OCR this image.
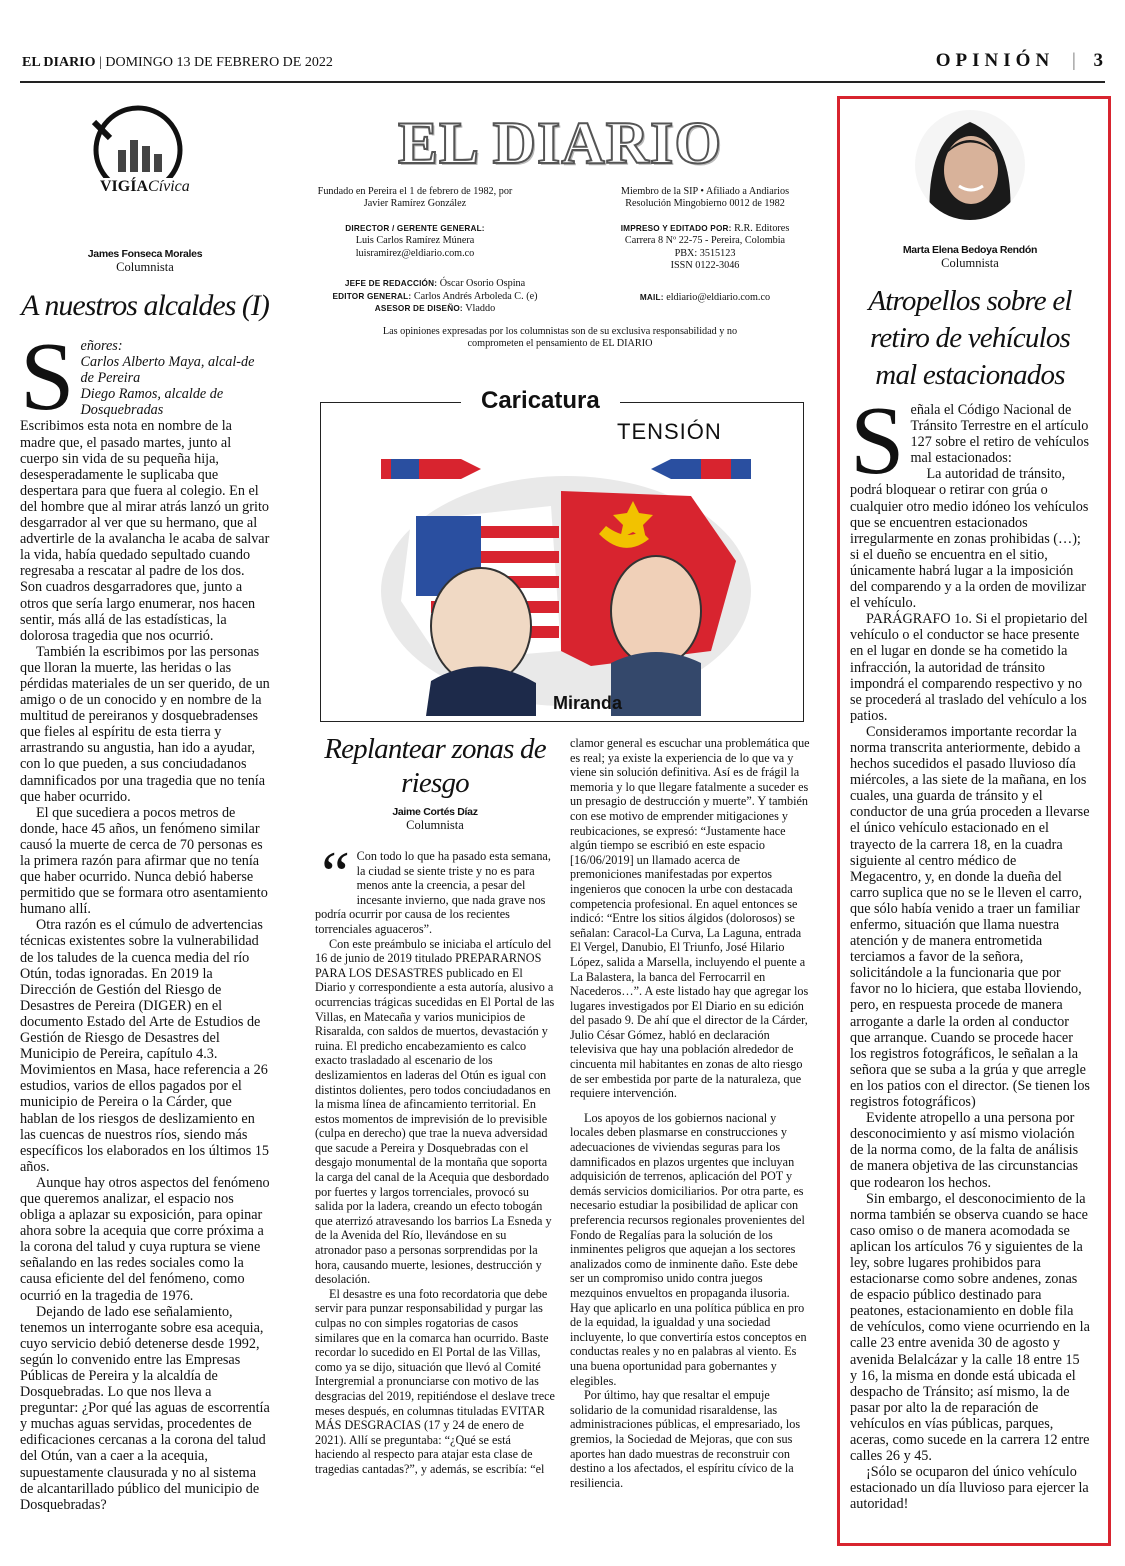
EL DIARIO | DOMINGO 13 DE FEBRERO DE 2022	OPINIÓN | 3
VIGÍACívica
James Fonseca Morales
Columnista
A nuestros alcaldes (I)
S eñores:
Carlos Alberto Maya, alcal-de de Pereira
Diego Ramos, alcalde de Dosquebradas

Escribimos esta nota en nombre de la madre que, el pasado martes, junto al cuerpo sin vida de su pequeña hija, desesperadamente le suplicaba que despertara para que fuera al colegio. En el del hombre que al mirar atrás lanzó un grito desgarrador al ver que su hermano, que al advertirle de la avalancha le acaba de salvar la vida, había quedado sepultado cuando regresaba a rescatar al padre de los dos. Son cuadros desgarradores que, junto a otros que sería largo enumerar, nos hacen sentir, más allá de las estadísticas, la dolorosa tragedia que nos ocurrió.

También la escribimos por las personas que lloran la muerte, las heridas o las pérdidas materiales de un ser querido, de un amigo o de un conocido y en nombre de la multitud de pereiranos y dosquebradenses que fieles al espíritu de esta tierra y arrastrando su angustia, han ido a ayudar, con lo que pueden, a sus conciudadanos damnificados por una tragedia que no tenía que haber ocurrido.

El que sucediera a pocos metros de donde, hace 45 años, un fenómeno similar causó la muerte de cerca de 70 personas es la primera razón para afirmar que no tenía que haber ocurrido. Nunca debió haberse permitido que se formara otro asentamiento humano allí.

Otra razón es el cúmulo de advertencias técnicas existentes sobre la vulnerabilidad de los taludes de la cuenca media del río Otún, todas ignoradas. En 2019 la Dirección de Gestión del Riesgo de Desastres de Pereira (DIGER) en el documento Estado del Arte de Estudios de Gestión de Riesgo de Desastres del Municipio de Pereira, capítulo 4.3. Movimientos en Masa, hace referencia a 26 estudios, varios de ellos pagados por el municipio de Pereira o la Cárder, que hablan de los riesgos de deslizamiento en las cuencas de nuestros ríos, siendo más específicos los elaborados en los últimos 15 años.

Aunque hay otros aspectos del fenómeno que queremos analizar, el espacio nos obliga a aplazar su exposición, para opinar ahora sobre la acequia que corre próxima a la corona del talud y cuya ruptura se viene señalando en las redes sociales como la causa eficiente del del fenómeno, como ocurrió en la tragedia de 1976.

Dejando de lado ese señalamiento, tenemos un interrogante sobre esa acequia, cuyo servicio debió detenerse desde 1992, según lo convenido entre las Empresas Públicas de Pereira y la alcaldía de Dosquebradas. Lo que nos lleva a preguntar: ¿Por qué las aguas de escorrentía y muchas aguas servidas, procedentes de edificaciones cercanas a la corona del talud del Otún, van a caer a la acequia, supuestamente clausurada y no al sistema de alcantarillado público del municipio de Dosquebradas?

EL DIARIO
Fundado en Pereira el 1 de febrero de 1982, por Javier Ramírez González
Miembro de la SIP • Afiliado a Andiarios Resolución Mingobierno 0012 de 1982
DIRECTOR / GERENTE GENERAL:
Luis Carlos Ramírez Múnera
luisramirez@eldiario.com.co
IMPRESO Y EDITADO POR: R.R. Editores
Carrera 8 Nº 22-75 - Pereira, Colombia
PBX: 3515123
ISSN 0122-3046
JEFE DE REDACCIÓN: Óscar Osorio Ospina
EDITOR GENERAL: Carlos Andrés Arboleda C. (e)
ASESOR DE DISEÑO: Vladdo
MAIL: eldiario@eldiario.com.co
Las opiniones expresadas por los columnistas son de su exclusiva responsabilidad y no comprometen el pensamiento de EL DIARIO
Caricatura
TENSIÓN
Miranda
Replantear zonas de riesgo
Jaime Cortés Díaz
Columnista
“ Con todo lo que ha pasado esta semana, la ciudad se siente triste y no es para menos ante la creencia, a pesar del incesante invierno, que nada grave nos podría ocurrir por causa de los recientes torrenciales aguaceros”.

Con este preámbulo se iniciaba el artículo del 16 de junio de 2019 titulado PREPARARNOS PARA LOS DESASTRES publicado en El Diario y correspondiente a esta autoría, alusivo a ocurrencias trágicas sucedidas en El Portal de las Villas, en Matecaña y varios municipios de Risaralda, con saldos de muertos, devastación y ruina. El predicho encabezamiento es calco exacto trasladado al escenario de los deslizamientos en laderas del Otún es igual con distintos dolientes, pero todos conciudadanos en la misma línea de afincamiento territorial. En estos momentos de imprevisión de lo previsible (culpa en derecho) que trae la nueva adversidad que sacude a Pereira y Dosquebradas con el desgajo monumental de la montaña que soporta la carga del canal de la Acequia que desbordado por fuertes y largos torrenciales, provocó su salida por la ladera, creando un efecto tobogán que aterrizó atravesando los barrios La Esneda y de la Avenida del Río, llevándose en su atronador paso a personas sorprendidas por la hora, causando muerte, lesiones, destrucción y desolación.

El desastre es una foto recordatoria que debe servir para punzar responsabilidad y purgar las culpas no con simples rogatorias de casos similares que en la comarca han ocurrido. Baste recordar lo sucedido en El Portal de las Villas, como ya se dijo, situación que llevó al Comité Intergremial a pronunciarse con motivo de las desgracias del 2019, repitiéndose el deslave trece meses después, en columnas tituladas EVITAR MÁS DESGRACIAS (17 y 24 de enero de 2021). Allí se preguntaba: “¿Qué se está haciendo al respecto para atajar esta clase de tragedias cantadas?”, y además, se escribía: “el

clamor general es escuchar una problemática que es real; ya existe la experiencia de lo que va y viene sin solución definitiva. Así es de frágil la memoria y lo que llegare fatalmente a suceder es un presagio de destrucción y muerte”. Y también con ese motivo de emprender mitigaciones y reubicaciones, se expresó: “Justamente hace algún tiempo se escribió en este espacio [16/06/2019] un llamado acerca de premoniciones manifestadas por expertos ingenieros que conocen la urbe con destacada competencia profesional. En aquel entonces se indicó: “Entre los sitios álgidos (dolorosos) se señalan: Caracol-La Curva, La Laguna, entrada El Vergel, Danubio, El Triunfo, José Hilario López, salida a Marsella, incluyendo el puente a La Balastera, la banca del Ferrocarril en Nacederos…”. A este listado hay que agregar los lugares investigados por El Diario en su edición del pasado 9. De ahí que el director de la Cárder, Julio César Gómez, habló en declaración televisiva que hay una población alrededor de cincuenta mil habitantes en zonas de alto riesgo de ser embestida por parte de la naturaleza, que requiere intervención.

Los apoyos de los gobiernos nacional y locales deben plasmarse en construcciones y adecuaciones de viviendas seguras para los damnificados en plazos urgentes que incluyan adquisición de terrenos, aplicación del POT y demás servicios domiciliarios. Por otra parte, es necesario estudiar la posibilidad de aplicar con preferencia recursos regionales provenientes del Fondo de Regalías para la solución de los inminentes peligros que aquejan a los sectores analizados como de inminente daño. Este debe ser un compromiso unido contra juegos mezquinos envueltos en propaganda ilusoria. Hay que aplicarlo en una política pública en pro de la equidad, la igualdad y una sociedad incluyente, lo que convertiría estos conceptos en conductas reales y no en palabras al viento. Es una buena oportunidad para gobernantes y elegibles.

Por último, hay que resaltar el empuje solidario de la comunidad risaraldense, las administraciones públicas, el empresariado, los gremios, la Sociedad de Mejoras, que con sus aportes han dado muestras de reconstruir con destino a los afectados, el espíritu cívico de la resiliencia.

Marta Elena Bedoya Rendón
Columnista
Atropellos sobre el retiro de vehículos mal estacionados
S eñala el Código Nacional de Tránsito Terrestre en el artículo 127 sobre el retiro de vehículos mal estacionados:

La autoridad de tránsito, podrá bloquear o retirar con grúa o cualquier otro medio idóneo los vehículos que se encuentren estacionados irregularmente en zonas prohibidas (…); si el dueño se encuentra en el sitio, únicamente habrá lugar a la imposición del comparendo y a la orden de movilizar el vehículo.

PARÁGRAFO 1o. Si el propietario del vehículo o el conductor se hace presente en el lugar en donde se ha cometido la infracción, la autoridad de tránsito impondrá el comparendo respectivo y no se procederá al traslado del vehículo a los patios.

Consideramos importante recordar la norma transcrita anteriormente, debido a hechos sucedidos el pasado lluvioso día miércoles, a las siete de la mañana, en los cuales, una guarda de tránsito y el conductor de una grúa proceden a llevarse el único vehículo estacionado en el trayecto de la carrera 18, en la cuadra siguiente al centro médico de Megacentro, y, en donde la dueña del carro suplica que no se le lleven el carro, que sólo había venido a traer un familiar enfermo, situación que llama nuestra atención y de manera entrometida terciamos a favor de la señora, solicitándole a la funcionaria que por favor no lo hiciera, que estaba lloviendo, pero, en respuesta procede de manera arrogante a darle la orden al conductor que arranque. Cuando se procede hacer los registros fotográficos, le señalan a la señora que se suba a la grúa y que arregle en los patios con el director. (Se tienen los registros fotográficos)

Evidente atropello a una persona por desconocimiento y así mismo violación de la norma como, de la falta de análisis de manera objetiva de las circunstancias que rodearon los hechos.

Sin embargo, el desconocimiento de la norma también se observa cuando se hace caso omiso o de manera acomodada se aplican los artículos 76 y siguientes de la ley, sobre lugares prohibidos para estacionarse como sobre andenes, zonas de espacio público destinado para peatones, estacionamiento en doble fila de vehículos, como viene ocurriendo en la calle 23 entre avenida 30 de agosto y avenida Belalcázar y la calle 18 entre 15 y 16, la misma en donde está ubicada el despacho de Tránsito; así mismo, la de pasar por alto la de reparación de vehículos en vías públicas, parques, aceras, como sucede en la carrera 12 entre calles 26 y 45.

¡Sólo se ocuparon del único vehículo estacionado un día lluvioso para ejercer la autoridad!
